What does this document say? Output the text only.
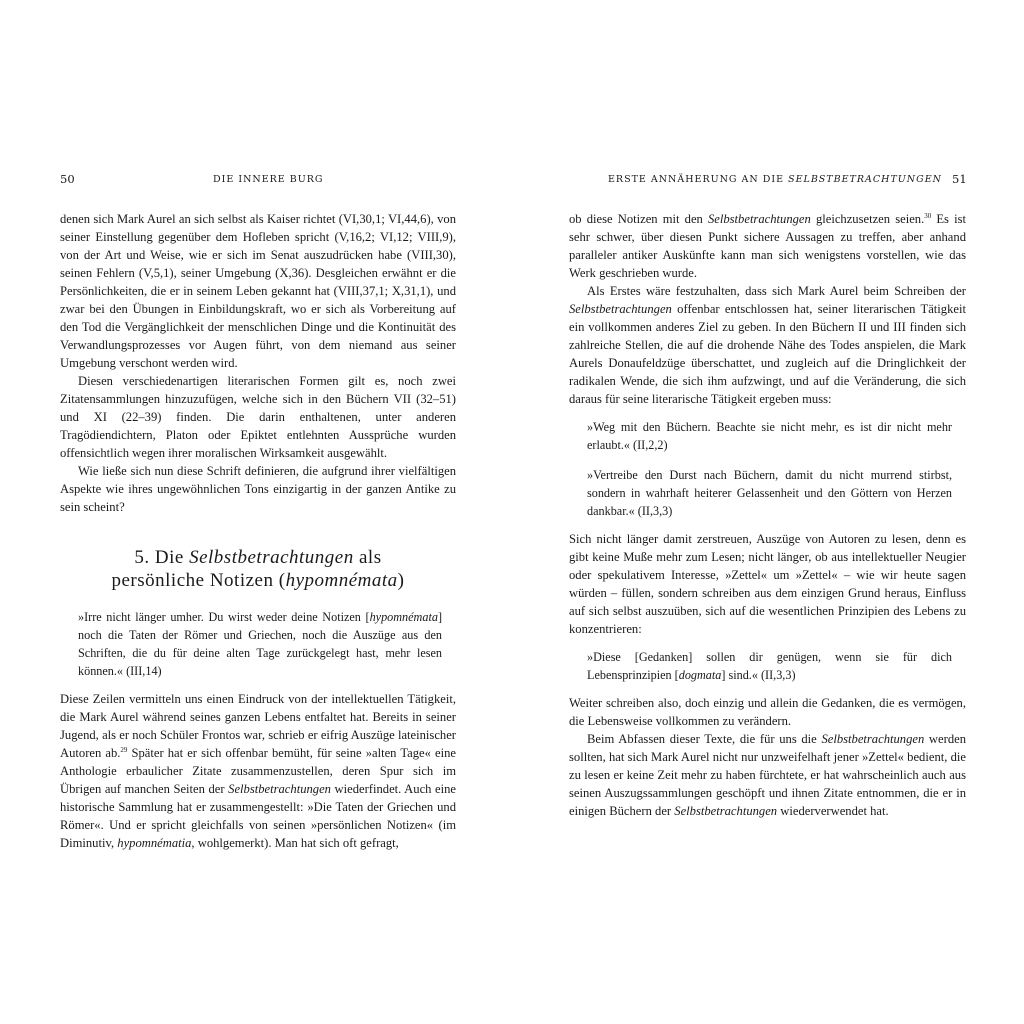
50	DIE INNERE BURG

denen sich Mark Aurel an sich selbst als Kaiser richtet (VI,30,1; VI,44,6), von seiner Einstellung gegenüber dem Hofleben spricht (V,16,2; VI,12; VIII,9), von der Art und Weise, wie er sich im Senat auszudrücken habe (VIII,30), seinen Fehlern (V,5,1), seiner Umgebung (X,36). Desgleichen erwähnt er die Persönlichkeiten, die er in seinem Leben gekannt hat (VIII,37,1; X,31,1), und zwar bei den Übungen in Einbildungskraft, wo er sich als Vorbereitung auf den Tod die Vergänglichkeit der menschlichen Dinge und die Kontinuität des Verwandlungsprozesses vor Augen führt, von dem niemand aus seiner Umgebung verschont werden wird.

Diesen verschiedenartigen literarischen Formen gilt es, noch zwei Zitatensammlungen hinzuzufügen, welche sich in den Büchern VII (32–51) und XI (22–39) finden. Die darin enthaltenen, unter anderen Tragödiendichtern, Platon oder Epiktet entlehnten Aussprüche wurden offensichtlich wegen ihrer moralischen Wirksamkeit ausgewählt.

Wie ließe sich nun diese Schrift definieren, die aufgrund ihrer vielfältigen Aspekte wie ihres ungewöhnlichen Tons einzigartig in der ganzen Antike zu sein scheint?

5. Die Selbstbetrachtungen als
persönliche Notizen (hypomnémata)
»Irre nicht länger umher. Du wirst weder deine Notizen [hypomnémata] noch die Taten der Römer und Griechen, noch die Auszüge aus den Schriften, die du für deine alten Tage zurückgelegt hast, mehr lesen können.« (III,14)

Diese Zeilen vermitteln uns einen Eindruck von der intellektuellen Tätigkeit, die Mark Aurel während seines ganzen Lebens entfaltet hat. Bereits in seiner Jugend, als er noch Schüler Frontos war, schrieb er eifrig Auszüge lateinischer Autoren ab.$^{29}$ Später hat er sich offenbar bemüht, für seine »alten Tage« eine Anthologie erbaulicher Zitate zusammenzustellen, deren Spur sich im Übrigen auf manchen Seiten der Selbstbetrachtungen wiederfindet. Auch eine historische Sammlung hat er zusammengestellt: »Die Taten der Griechen und Römer«. Und er spricht gleichfalls von seinen »persönlichen Notizen« (im Diminutiv, hypomnématia, wohlgemerkt). Man hat sich oft gefragt,

ERSTE ANNÄHERUNG AN DIE SELBSTBETRACHTUNGEN 51

ob diese Notizen mit den Selbstbetrachtungen gleichzusetzen seien.$^{30}$ Es ist sehr schwer, über diesen Punkt sichere Aussagen zu treffen, aber anhand paralleler antiker Auskünfte kann man sich wenigstens vorstellen, wie das Werk geschrieben wurde.

Als Erstes wäre festzuhalten, dass sich Mark Aurel beim Schreiben der Selbstbetrachtungen offenbar entschlossen hat, seiner literarischen Tätigkeit ein vollkommen anderes Ziel zu geben. In den Büchern II und III finden sich zahlreiche Stellen, die auf die drohende Nähe des Todes anspielen, die Mark Aurels Donaufeldzüge überschattet, und zugleich auf die Dringlichkeit der radikalen Wende, die sich ihm aufzwingt, und auf die Veränderung, die sich daraus für seine literarische Tätigkeit ergeben muss:

»Weg mit den Büchern. Beachte sie nicht mehr, es ist dir nicht mehr erlaubt.« (II,2,2)
»Vertreibe den Durst nach Büchern, damit du nicht murrend stirbst, sondern in wahrhaft heiterer Gelassenheit und den Göttern von Herzen dankbar.« (II,3,3)

Sich nicht länger damit zerstreuen, Auszüge von Autoren zu lesen, denn es gibt keine Muße mehr zum Lesen; nicht länger, ob aus intellektueller Neugier oder spekulativem Interesse, »Zettel« um »Zettel« – wie wir heute sagen würden – füllen, sondern schreiben aus dem einzigen Grund heraus, Einfluss auf sich selbst auszuüben, sich auf die wesentlichen Prinzipien des Lebens zu konzentrieren:

»Diese [Gedanken] sollen dir genügen, wenn sie für dich Lebensprinzipien [dogmata] sind.« (II,3,3)

Weiter schreiben also, doch einzig und allein die Gedanken, die es vermögen, die Lebensweise vollkommen zu verändern.

Beim Abfassen dieser Texte, die für uns die Selbstbetrachtungen werden sollten, hat sich Mark Aurel nicht nur unzweifelhaft jener »Zettel« bedient, die zu lesen er keine Zeit mehr zu haben fürchtete, er hat wahrscheinlich auch aus seinen Auszugssammlungen geschöpft und ihnen Zitate entnommen, die er in einigen Büchern der Selbstbetrachtungen wiederverwendet hat.
